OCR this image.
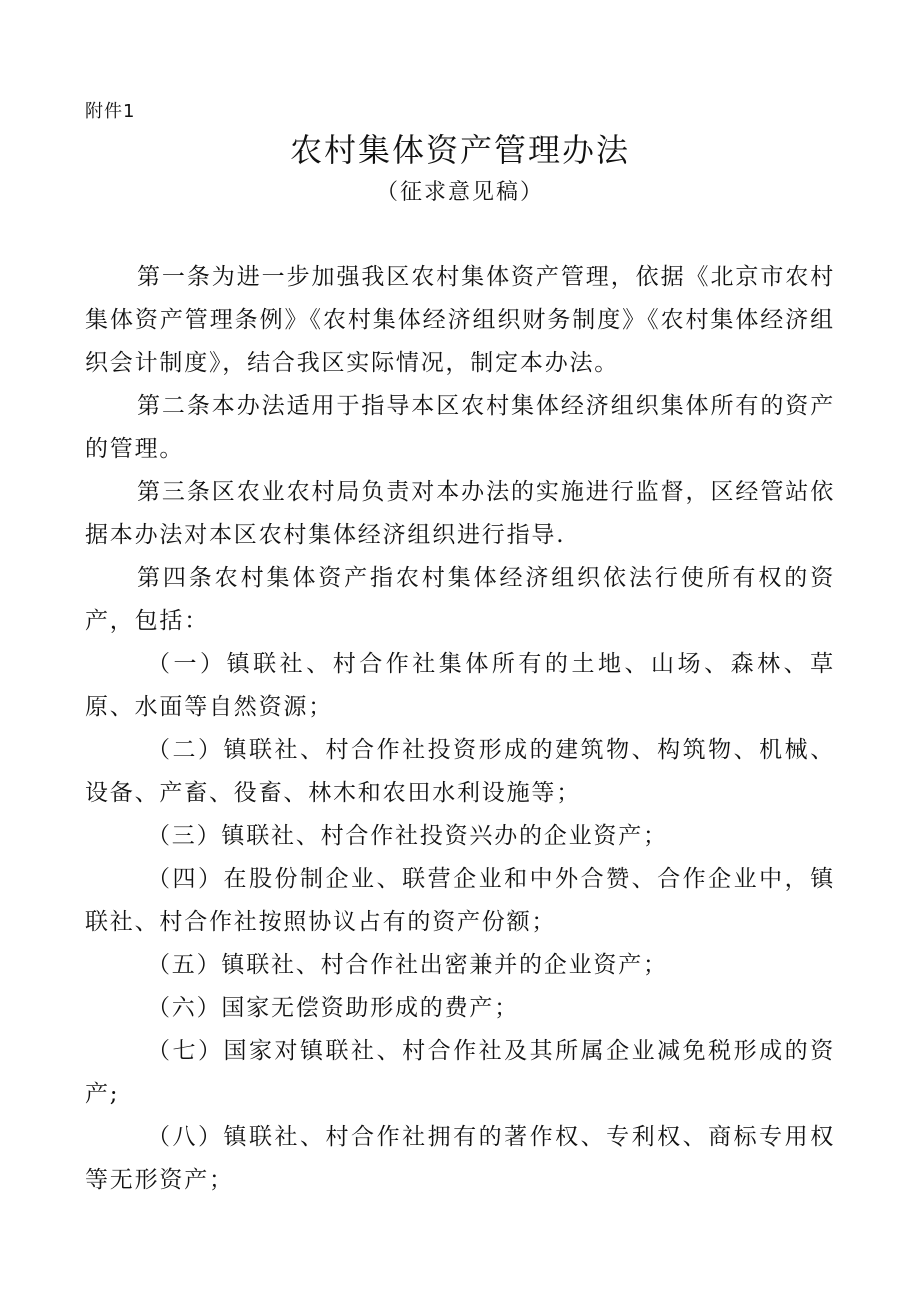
附件1
农村集体资产管理办法
（征求意见稿）

第一条为进一步加强我区农村集体资产管理，依据《北京市农村集体资产管理条例》《农村集体经济组织财务制度》《农村集体经济组织会计制度》，结合我区实际情况，制定本办法。

第二条本办法适用于指导本区农村集体经济组织集体所有的资产的管理。

第三条区农业农村局负责对本办法的实施进行监督，区经管站依据本办法对本区农村集体经济组织进行指导.

第四条农村集体资产指农村集体经济组织依法行使所有权的资产，包括：

（一）镇联社、村合作社集体所有的土地、山场、森林、草原、水面等自然资源；

（二）镇联社、村合作社投资形成的建筑物、构筑物、机械、设备、产畜、役畜、林木和农田水利设施等；

（三）镇联社、村合作社投资兴办的企业资产；

（四）在股份制企业、联营企业和中外合赞、合作企业中，镇联社、村合作社按照协议占有的资产份额；

（五）镇联社、村合作社出密兼并的企业资产；

（六）国家无偿资助形成的费产；

（七）国家对镇联社、村合作社及其所属企业减免税形成的资产;

（八）镇联社、村合作社拥有的著作权、专利权、商标专用权等无形资产；
